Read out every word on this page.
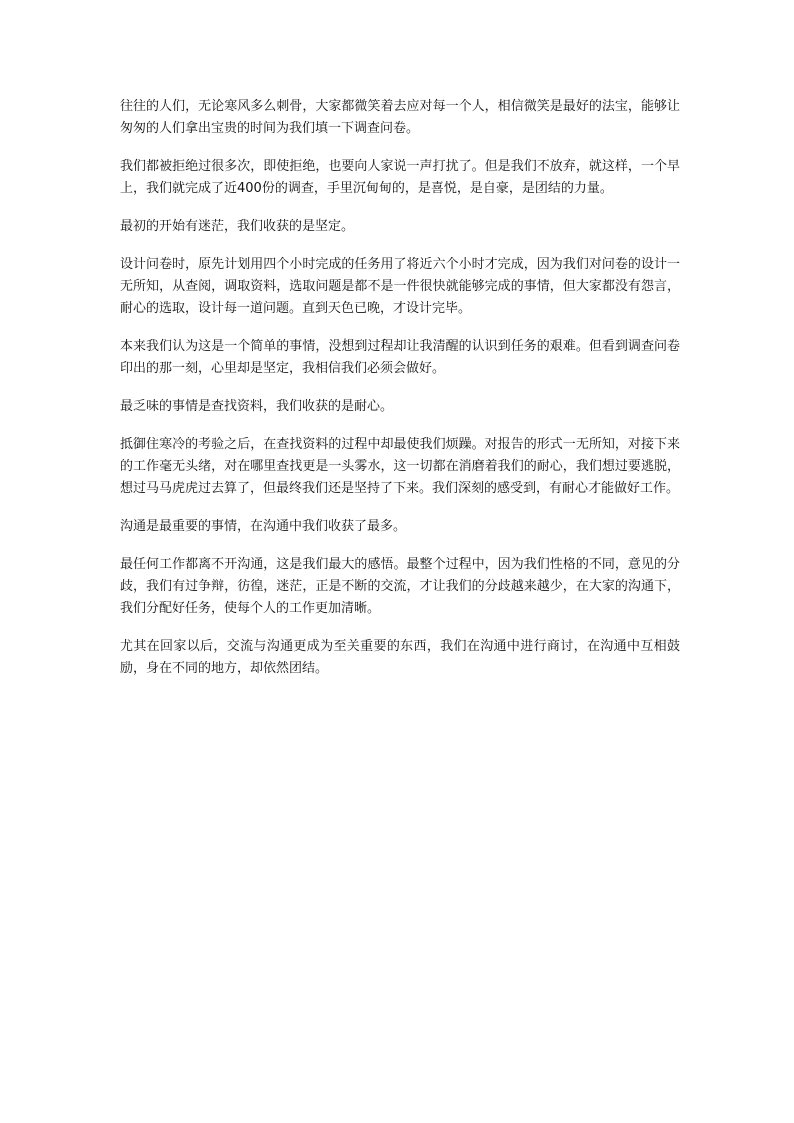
往往的人们，无论寒风多么刺骨，大家都微笑着去应对每一个人，相信微笑是最好的法宝，能够让匆匆的人们拿出宝贵的时间为我们填一下调查问卷。

我们都被拒绝过很多次，即使拒绝，也要向人家说一声打扰了。但是我们不放弃，就这样，一个早上，我们就完成了近400份的调查，手里沉甸甸的，是喜悦，是自豪，是团结的力量。

最初的开始有迷茫，我们收获的是坚定。

设计问卷时，原先计划用四个小时完成的任务用了将近六个小时才完成，因为我们对问卷的设计一无所知，从查阅，调取资料，选取问题是都不是一件很快就能够完成的事情，但大家都没有怨言，耐心的选取，设计每一道问题。直到天色已晚，才设计完毕。

本来我们认为这是一个简单的事情，没想到过程却让我清醒的认识到任务的艰难。但看到调查问卷印出的那一刻，心里却是坚定，我相信我们必须会做好。

最乏味的事情是查找资料，我们收获的是耐心。

抵御住寒冷的考验之后，在查找资料的过程中却最使我们烦躁。对报告的形式一无所知，对接下来的工作毫无头绪，对在哪里查找更是一头雾水，这一切都在消磨着我们的耐心，我们想过要逃脱，想过马马虎虎过去算了，但最终我们还是坚持了下来。我们深刻的感受到，有耐心才能做好工作。

沟通是最重要的事情，在沟通中我们收获了最多。

最任何工作都离不开沟通，这是我们最大的感悟。最整个过程中，因为我们性格的不同，意见的分歧，我们有过争辩，彷徨，迷茫，正是不断的交流，才让我们的分歧越来越少，在大家的沟通下，我们分配好任务，使每个人的工作更加清晰。

尤其在回家以后，交流与沟通更成为至关重要的东西，我们在沟通中进行商讨，在沟通中互相鼓励，身在不同的地方，却依然团结。
